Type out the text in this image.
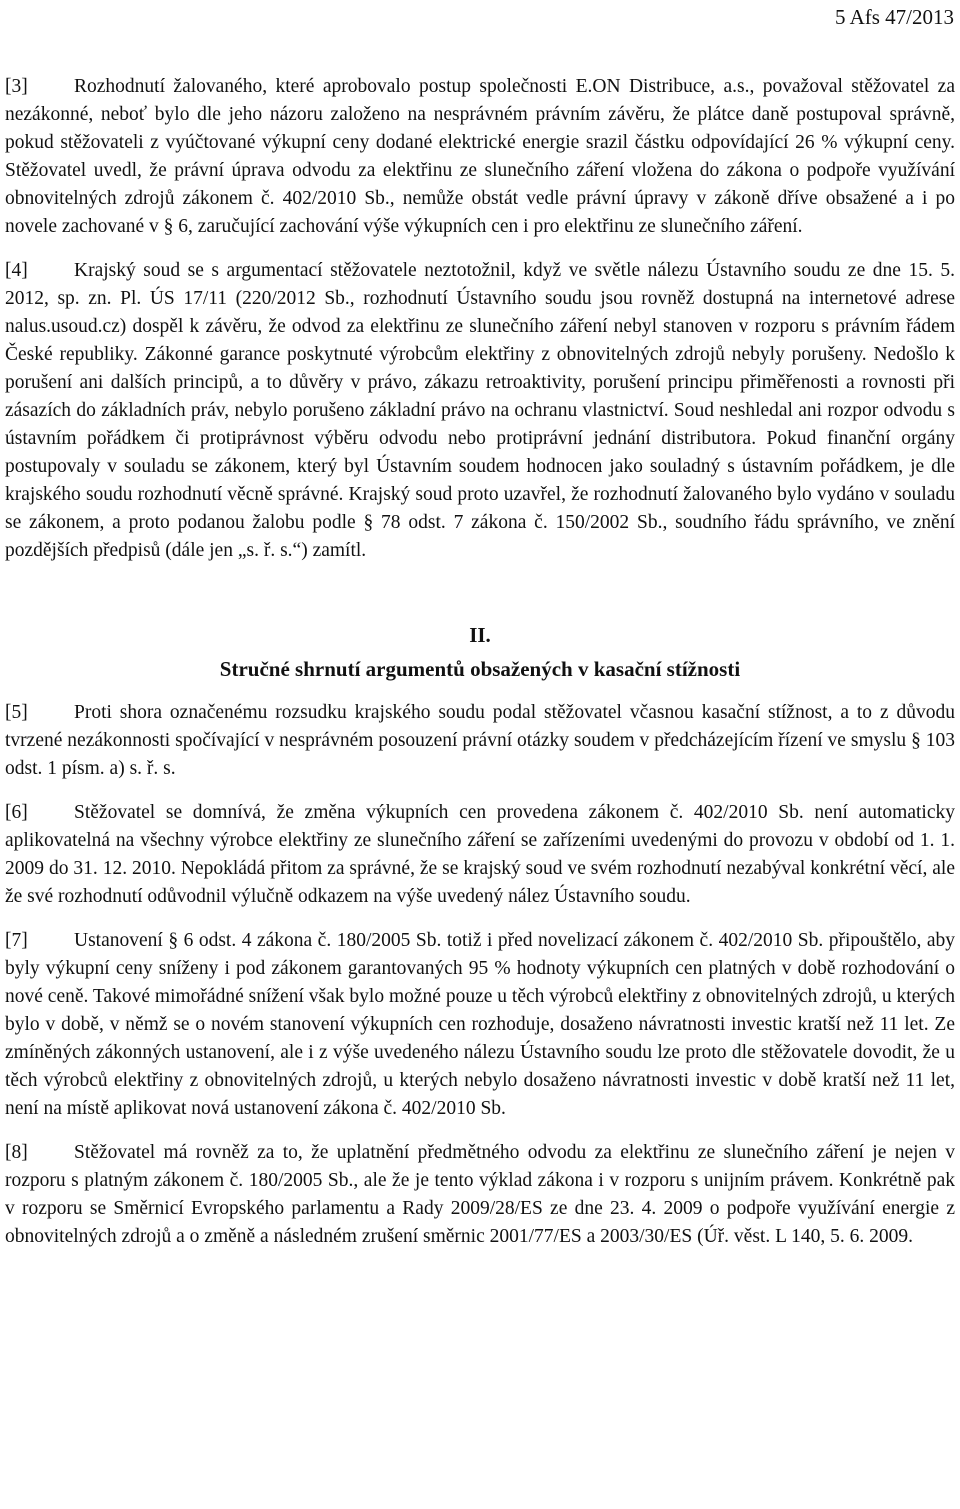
5 Afs 47/2013

[3] Rozhodnutí žalovaného, které aprobovalo postup společnosti E.ON Distribuce, a.s., považoval stěžovatel za nezákonné, neboť bylo dle jeho názoru založeno na nesprávném právním závěru, že plátce daně postupoval správně, pokud stěžovateli z vyúčtované výkupní ceny dodané elektrické energie srazil částku odpovídající 26 % výkupní ceny. Stěžovatel uvedl, že právní úprava odvodu za elektřinu ze slunečního záření vložena do zákona o podpoře využívání obnovitelných zdrojů zákonem č. 402/2010 Sb., nemůže obstát vedle právní úpravy v zákoně dříve obsažené a i po novele zachované v § 6, zaručující zachování výše výkupních cen i pro elektřinu ze slunečního záření.

[4] Krajský soud se s argumentací stěžovatele neztotožnil, když ve světle nálezu Ústavního soudu ze dne 15. 5. 2012, sp. zn. Pl. ÚS 17/11 (220/2012 Sb., rozhodnutí Ústavního soudu jsou rovněž dostupná na internetové adrese nalus.usoud.cz) dospěl k závěru, že odvod za elektřinu ze slunečního záření nebyl stanoven v rozporu s právním řádem České republiky. Zákonné garance poskytnuté výrobcům elektřiny z obnovitelných zdrojů nebyly porušeny. Nedošlo k porušení ani dalších principů, a to důvěry v právo, zákazu retroaktivity, porušení principu přiměřenosti a rovnosti při zásazích do základních práv, nebylo porušeno základní právo na ochranu vlastnictví. Soud neshledal ani rozpor odvodu s ústavním pořádkem či protiprávnost výběru odvodu nebo protiprávní jednání distributora. Pokud finanční orgány postupovaly v souladu se zákonem, který byl Ústavním soudem hodnocen jako souladný s ústavním pořádkem, je dle krajského soudu rozhodnutí věcně správné. Krajský soud proto uzavřel, že rozhodnutí žalovaného bylo vydáno v souladu se zákonem, a proto podanou žalobu podle § 78 odst. 7 zákona č. 150/2002 Sb., soudního řádu správního, ve znění pozdějších předpisů (dále jen „s. ř. s.“) zamítl.

II.
Stručné shrnutí argumentů obsažených v kasační stížnosti

[5] Proti shora označenému rozsudku krajského soudu podal stěžovatel včasnou kasační stížnost, a to z důvodu tvrzené nezákonnosti spočívající v nesprávném posouzení právní otázky soudem v předcházejícím řízení ve smyslu § 103 odst. 1 písm. a) s. ř. s.

[6] Stěžovatel se domnívá, že změna výkupních cen provedena zákonem č. 402/2010 Sb. není automaticky aplikovatelná na všechny výrobce elektřiny ze slunečního záření se zařízeními uvedenými do provozu v období od 1. 1. 2009 do 31. 12. 2010. Nepokládá přitom za správné, že se krajský soud ve svém rozhodnutí nezabýval konkrétní věcí, ale že své rozhodnutí odůvodnil výlučně odkazem na výše uvedený nález Ústavního soudu.

[7] Ustanovení § 6 odst. 4 zákona č. 180/2005 Sb. totiž i před novelizací zákonem č. 402/2010 Sb. připouštělo, aby byly výkupní ceny sníženy i pod zákonem garantovaných 95 % hodnoty výkupních cen platných v době rozhodování o nové ceně. Takové mimořádné snížení však bylo možné pouze u těch výrobců elektřiny z obnovitelných zdrojů, u kterých bylo v době, v němž se o novém stanovení výkupních cen rozhoduje, dosaženo návratnosti investic kratší než 11 let. Ze zmíněných zákonných ustanovení, ale i z výše uvedeného nálezu Ústavního soudu lze proto dle stěžovatele dovodit, že u těch výrobců elektřiny z obnovitelných zdrojů, u kterých nebylo dosaženo návratnosti investic v době kratší než 11 let, není na místě aplikovat nová ustanovení zákona č. 402/2010 Sb.

[8] Stěžovatel má rovněž za to, že uplatnění předmětného odvodu za elektřinu ze slunečního záření je nejen v rozporu s platným zákonem č. 180/2005 Sb., ale že je tento výklad zákona i v rozporu s unijním právem. Konkrétně pak v rozporu se Směrnicí Evropského parlamentu a Rady 2009/28/ES ze dne 23. 4. 2009 o podpoře využívání energie z obnovitelných zdrojů a o změně a následném zrušení směrnic 2001/77/ES a 2003/30/ES (Úř. věst. L 140, 5. 6. 2009.
